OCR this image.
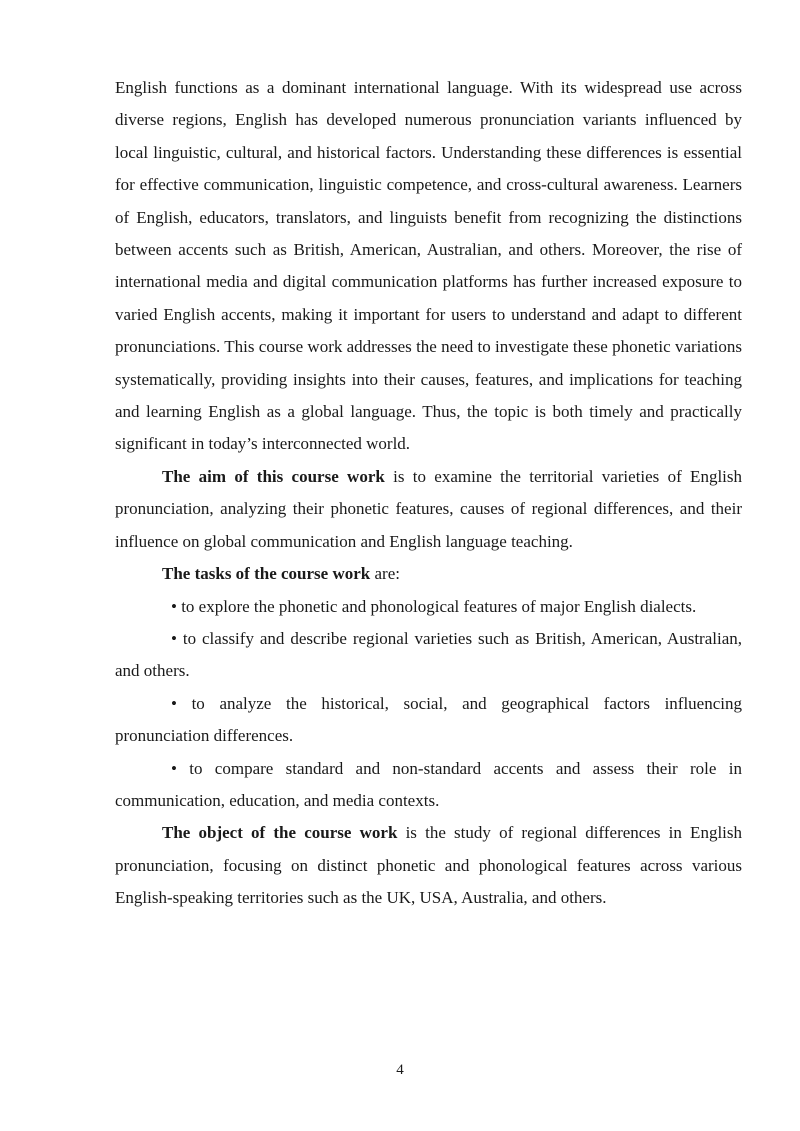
English functions as a dominant international language. With its widespread use across diverse regions, English has developed numerous pronunciation variants influenced by local linguistic, cultural, and historical factors. Understanding these differences is essential for effective communication, linguistic competence, and cross-cultural awareness. Learners of English, educators, translators, and linguists benefit from recognizing the distinctions between accents such as British, American, Australian, and others. Moreover, the rise of international media and digital communication platforms has further increased exposure to varied English accents, making it important for users to understand and adapt to different pronunciations. This course work addresses the need to investigate these phonetic variations systematically, providing insights into their causes, features, and implications for teaching and learning English as a global language. Thus, the topic is both timely and practically significant in today’s interconnected world.

The aim of this course work is to examine the territorial varieties of English pronunciation, analyzing their phonetic features, causes of regional differences, and their influence on global communication and English language teaching.

The tasks of the course work are:

• to explore the phonetic and phonological features of major English dialects.

• to classify and describe regional varieties such as British, American, Australian, and others.

• to analyze the historical, social, and geographical factors influencing pronunciation differences.

• to compare standard and non-standard accents and assess their role in communication, education, and media contexts.

The object of the course work is the study of regional differences in English pronunciation, focusing on distinct phonetic and phonological features across various English-speaking territories such as the UK, USA, Australia, and others.

4
